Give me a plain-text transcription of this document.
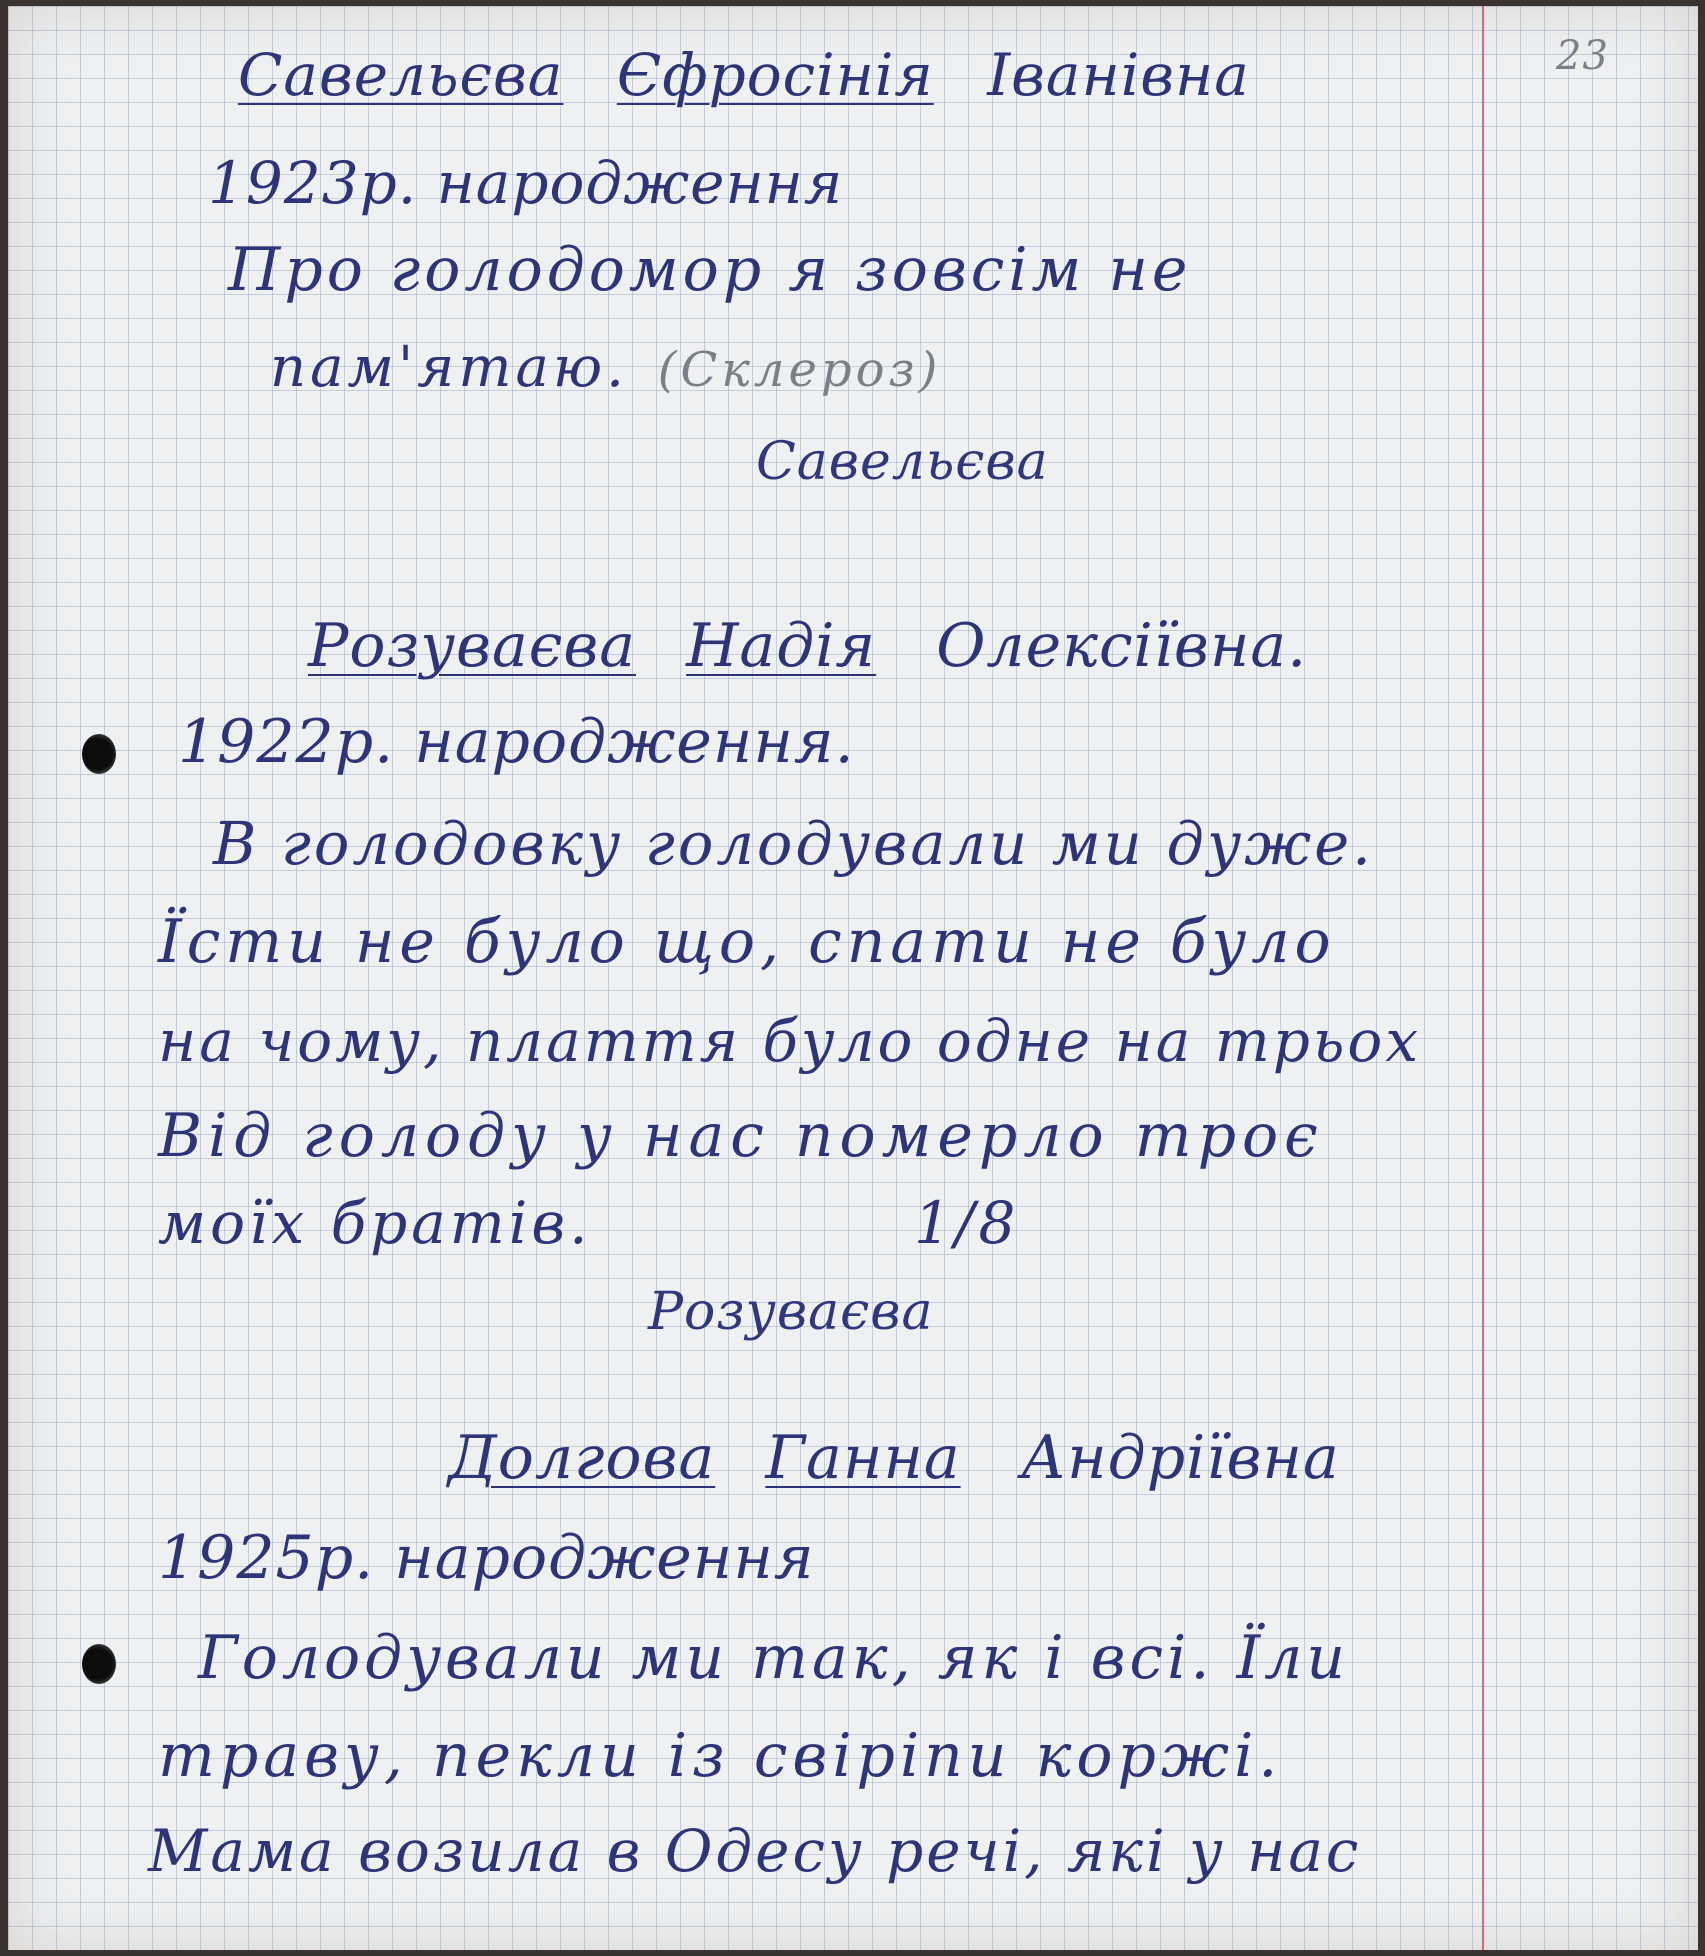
23
Савельєва Єфросінія Іванівна
1923р. народження
Про голодомор я зовсім не
пам'ятаю. (Склероз)
Савельєва
Розуваєва Надія Олексіївна.
1922р. народження.
В голодовку голодували ми дуже.
Їсти не було що, спати не було
на чому, плаття було одне на трьох
Від голоду у нас померло троє
моїх братів.	1/8
Розуваєва
Долгова Ганна Андріївна
1925р. народження
Голодували ми так, як і всі. Їли
траву, пекли із свіріпи коржі.
Мама возила в Одесу речі, які у нас
